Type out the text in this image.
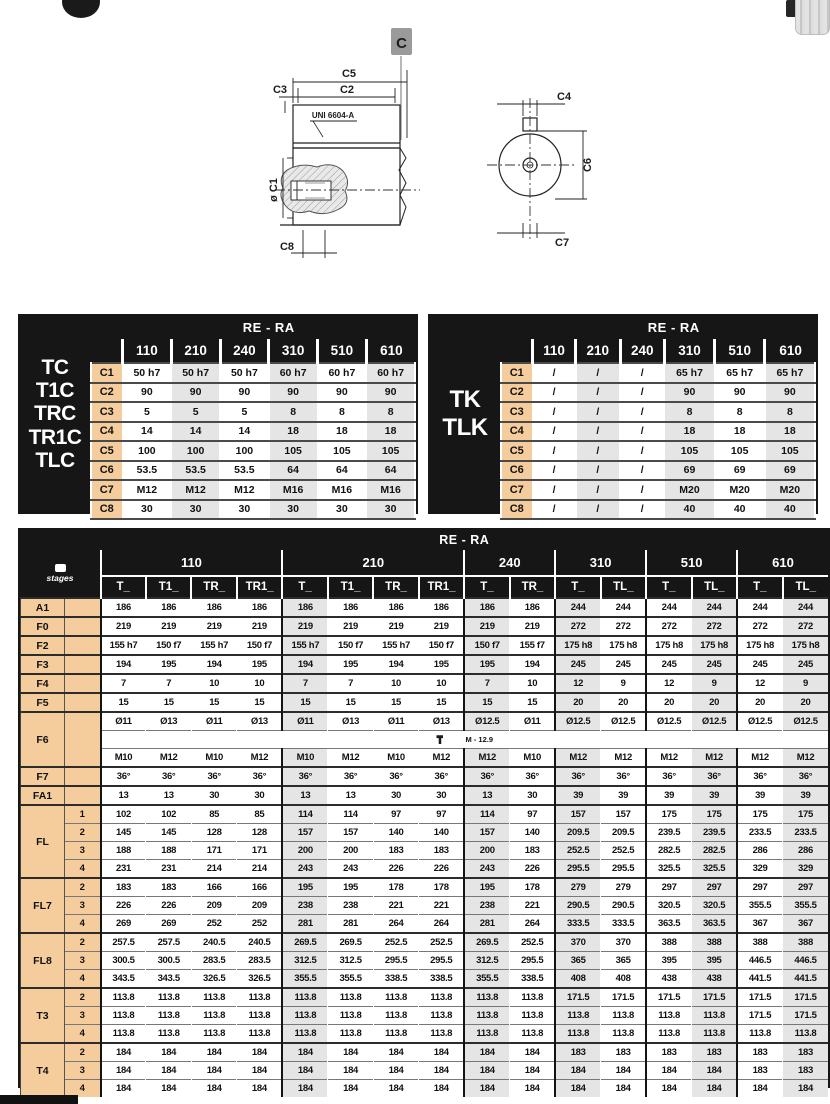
C
C5
C3	C2
UNI 6604-A
ø C1
C8
C4
C6
C7
TC
T1C
TRC
TR1C
TLC
	RE - RA					
	110	210	240	310	510	610
C1	50 h7	50 h7	50 h7	60 h7	60 h7	60 h7
C2	90	90	90	90	90	90
C3	5	5	5	8	8	8
C4	14	14	14	18	18	18
C5	100	100	100	105	105	105
C6	53.5	53.5	53.5	64	64	64
C7	M12	M12	M12	M16	M16	M16
C8	30	30	30	30	30	30
TK
TLK
	RE - RA					
	110	210	240	310	510	610
C1	/	/	/	65 h7	65 h7	65 h7
C2	/	/	/	90	90	90
C3	/	/	/	8	8	8
C4	/	/	/	18	18	18
C5	/	/	/	105	105	105
C6	/	/	/	69	69	69
C7	/	/	/	M20	M20	M20
C8	/	/	/	40	40	40
		RE - RA															

stages		110				210				240		310		510		610	
		T_	T1_	TR_	TR1_	T_	T1_	TR_	TR1_	T_	TR_	T_	TL_	T_	TL_	T_	TL_
A1		186	186	186	186	186	186	186	186	186	186	244	244	244	244	244	244
F0		219	219	219	219	219	219	219	219	219	219	272	272	272	272	272	272
F2		155 h7	150 f7	155 h7	150 f7	155 h7	150 f7	155 h7	150 f7	150 f7	155 f7	175 h8	175 h8	175 h8	175 h8	175 h8	175 h8
F3		194	195	194	195	194	195	194	195	195	194	245	245	245	245	245	245
F4		7	7	10	10	7	7	10	10	7	10	12	9	12	9	12	9
F5		15	15	15	15	15	15	15	15	15	15	20	20	20	20	20	20
F6		Ø11	Ø13	Ø11	Ø13	Ø11	Ø13	Ø11	Ø13	Ø12.5	Ø11	Ø12.5	Ø12.5	Ø12.5	Ø12.5	Ø12.5	Ø12.5
		M - 12.9															
		M10	M12	M10	M12	M10	M12	M10	M12	M12	M10	M12	M12	M12	M12	M12	M12
F7		36°	36°	36°	36°	36°	36°	36°	36°	36°	36°	36°	36°	36°	36°	36°	36°
FA1		13	13	30	30	13	13	30	30	13	30	39	39	39	39	39	39
FL	1	102	102	85	85	114	114	97	97	114	97	157	157	175	175	175	175
	2	145	145	128	128	157	157	140	140	157	140	209.5	209.5	239.5	239.5	233.5	233.5
	3	188	188	171	171	200	200	183	183	200	183	252.5	252.5	282.5	282.5	286	286
	4	231	231	214	214	243	243	226	226	243	226	295.5	295.5	325.5	325.5	329	329
FL7	2	183	183	166	166	195	195	178	178	195	178	279	279	297	297	297	297
	3	226	226	209	209	238	238	221	221	238	221	290.5	290.5	320.5	320.5	355.5	355.5
	4	269	269	252	252	281	281	264	264	281	264	333.5	333.5	363.5	363.5	367	367
FL8	2	257.5	257.5	240.5	240.5	269.5	269.5	252.5	252.5	269.5	252.5	370	370	388	388	388	388
	3	300.5	300.5	283.5	283.5	312.5	312.5	295.5	295.5	312.5	295.5	365	365	395	395	446.5	446.5
	4	343.5	343.5	326.5	326.5	355.5	355.5	338.5	338.5	355.5	338.5	408	408	438	438	441.5	441.5
T3	2	113.8	113.8	113.8	113.8	113.8	113.8	113.8	113.8	113.8	113.8	171.5	171.5	171.5	171.5	171.5	171.5
	3	113.8	113.8	113.8	113.8	113.8	113.8	113.8	113.8	113.8	113.8	113.8	113.8	113.8	113.8	171.5	171.5
	4	113.8	113.8	113.8	113.8	113.8	113.8	113.8	113.8	113.8	113.8	113.8	113.8	113.8	113.8	113.8	113.8
T4	2	184	184	184	184	184	184	184	184	184	184	183	183	183	183	183	183
	3	184	184	184	184	184	184	184	184	184	184	184	184	184	184	183	183
	4	184	184	184	184	184	184	184	184	184	184	184	184	184	184	184	184
